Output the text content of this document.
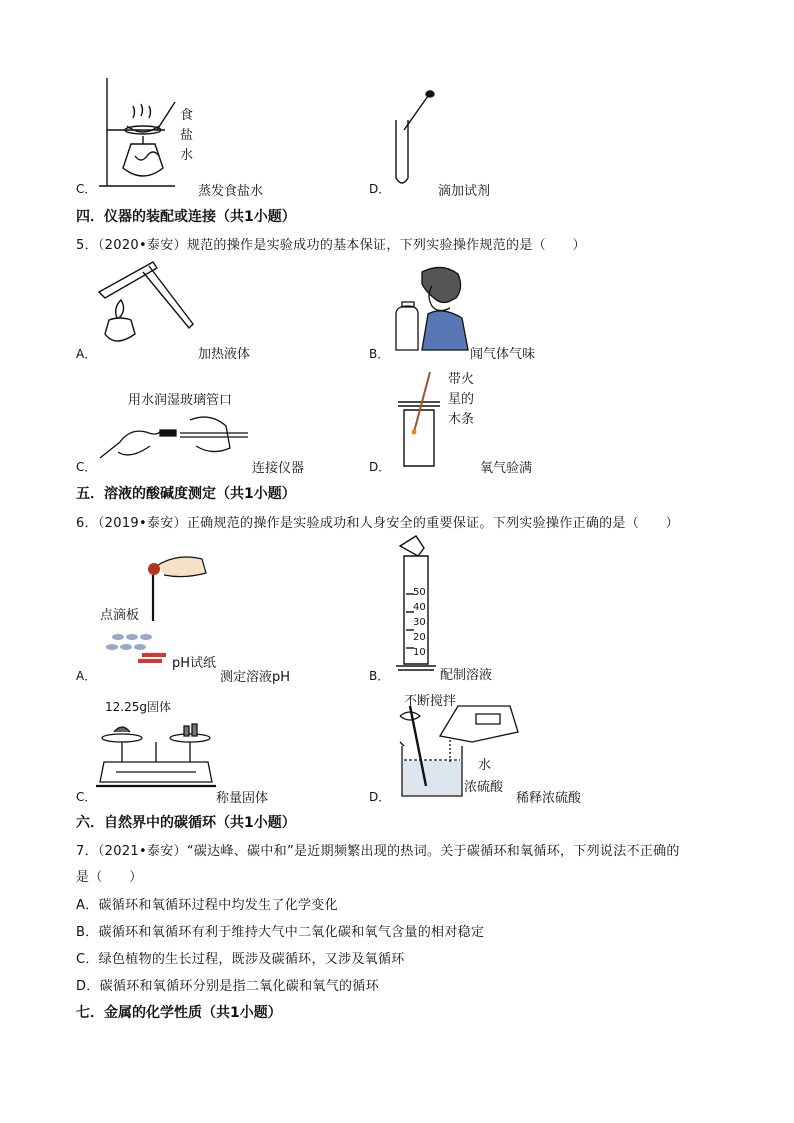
食
盐
水
C．	蒸发食盐水	D．	滴加试剂
四．仪器的装配或连接（共1小题）
5．（2020•泰安）规范的操作是实验成功的基本保证，下列实验操作规范的是（　　）
A．	加热液体	B．	闻气体气味
用水润湿玻璃管口
C．	连接仪器
带火
星的
木条
D．	氧气验满
五．溶液的酸碱度测定（共1小题）
6．（2019•泰安）正确规范的操作是实验成功和人身安全的重要保证。下列实验操作正确的是（　　）
点滴板
pH试纸
A．	测定溶液pH
50
40
30
20
10
B．	配制溶液
12.25g固体
C．	称量固体
不断搅拌
水
浓硫酸
D．	稀释浓硫酸
六．自然界中的碳循环（共1小题）
7．（2021•泰安）“碳达峰、碳中和”是近期频繁出现的热词。关于碳循环和氧循环，下列说法不正确的
是（　　）
A．碳循环和氧循环过程中均发生了化学变化
B．碳循环和氧循环有利于维持大气中二氧化碳和氧气含量的相对稳定
C．绿色植物的生长过程，既涉及碳循环，又涉及氧循环
D．碳循环和氧循环分别是指二氧化碳和氧气的循环
七．金属的化学性质（共1小题）
